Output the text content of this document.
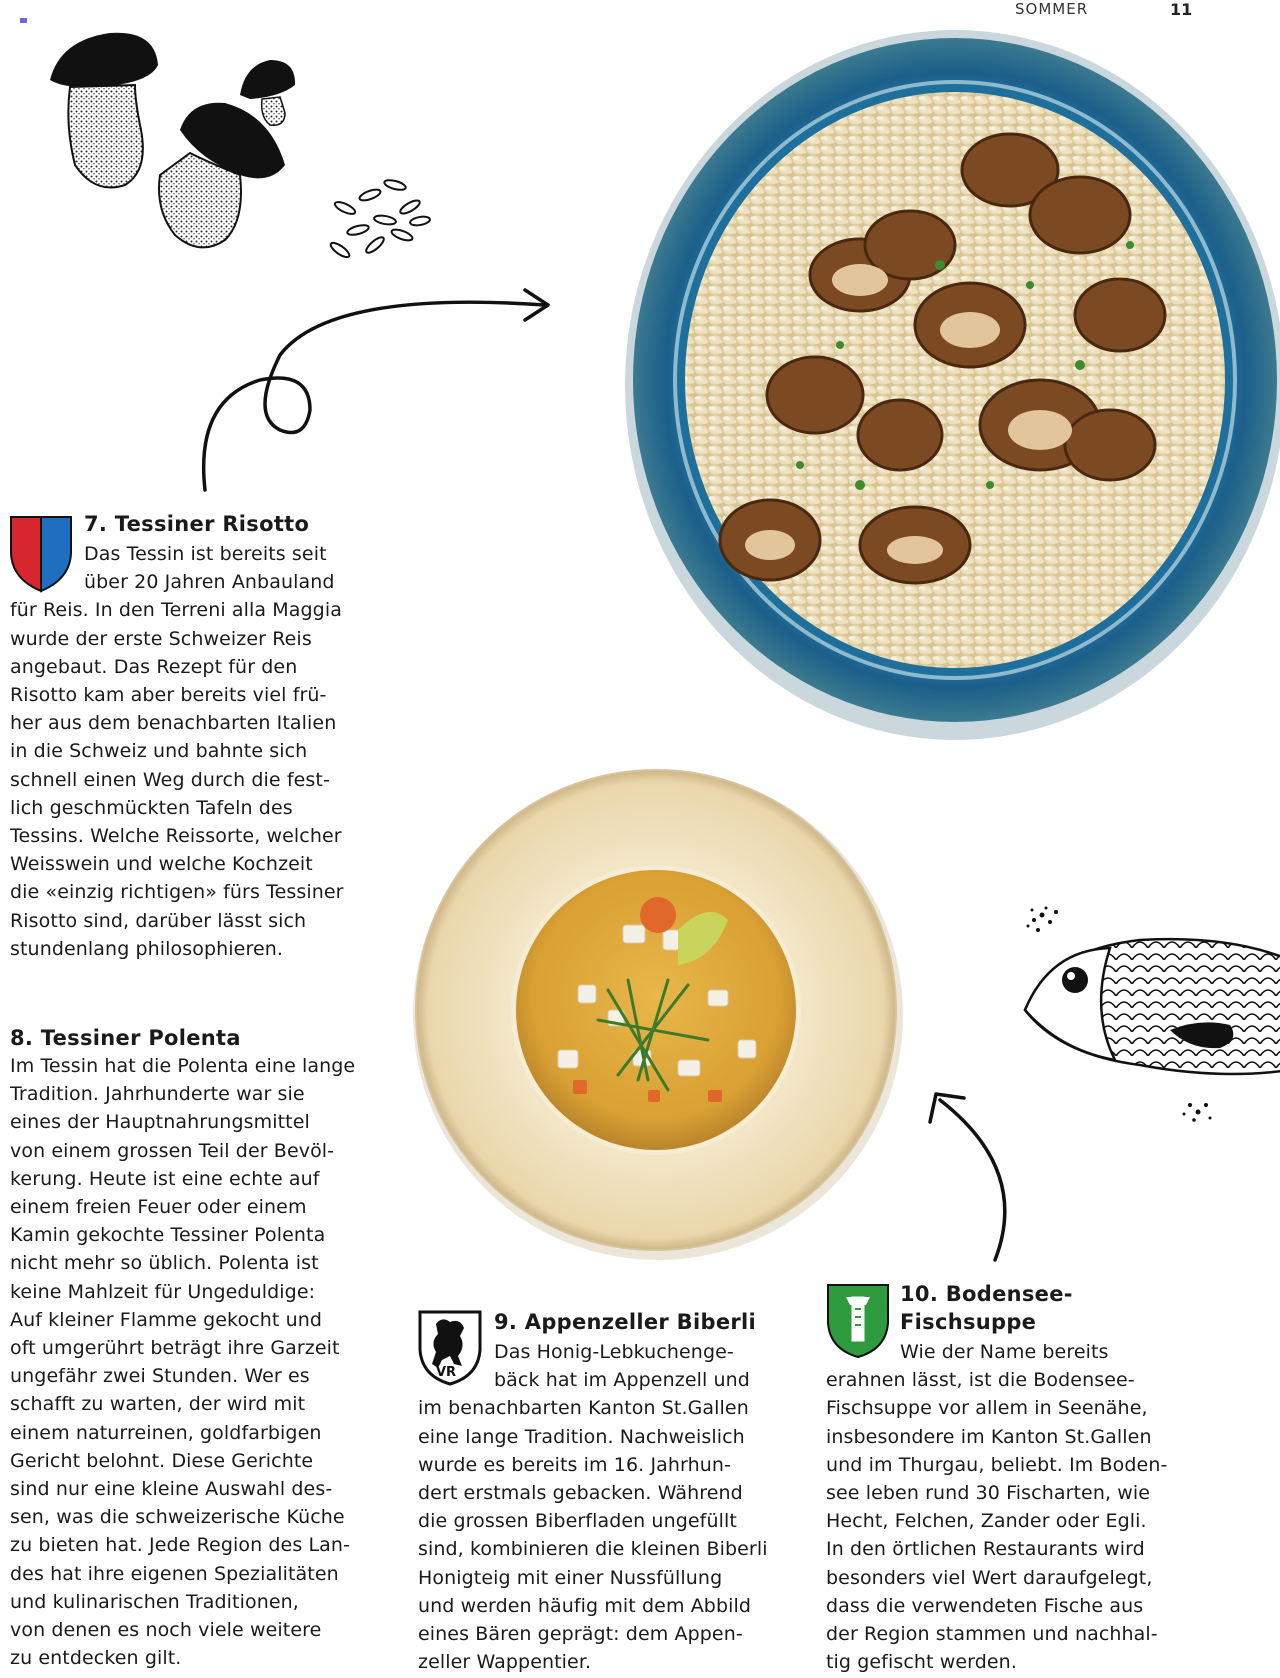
SOMMER	11
7. Tessiner Risotto

Das Tessin ist bereits seit
über 20 Jahren Anbauland
für Reis. In den Terreni alla Maggia
wurde der erste Schweizer Reis
angebaut. Das Rezept für den
Risotto kam aber bereits viel frü-
her aus dem benachbarten Italien
in die Schweiz und bahnte sich
schnell einen Weg durch die fest-
lich geschmückten Tafeln des
Tessins. Welche Reissorte, welcher
Weisswein und welche Kochzeit
die «einzig richtigen» fürs Tessiner
Risotto sind, darüber lässt sich
stundenlang philosophieren.

8. Tessiner Polenta

Im Tessin hat die Polenta eine lange
Tradition. Jahrhunderte war sie
eines der Hauptnahrungsmittel
von einem grossen Teil der Bevöl-
kerung. Heute ist eine echte auf
einem freien Feuer oder einem
Kamin gekochte Tessiner Polenta
nicht mehr so üblich. Polenta ist
keine Mahlzeit für Ungeduldige:
Auf kleiner Flamme gekocht und
oft umgerührt beträgt ihre Garzeit
ungefähr zwei Stunden. Wer es
schafft zu warten, der wird mit
einem naturreinen, goldfarbigen
Gericht belohnt. Diese Gerichte
sind nur eine kleine Auswahl des-
sen, was die schweizerische Küche
zu bieten hat. Jede Region des Lan-
des hat ihre eigenen Spezialitäten
und kulinarischen Traditionen,
von denen es noch viele weitere
zu entdecken gilt.

VR
9. Appenzeller Biberli

Das Honig-Lebkuchenge-
bäck hat im Appenzell und
im benachbarten Kanton St.Gallen
eine lange Tradition. Nachweislich
wurde es bereits im 16. Jahrhun-
dert erstmals gebacken. Während
die grossen Biberfladen ungefüllt
sind, kombinieren die kleinen Biberli
Honigteig mit einer Nussfüllung
und werden häufig mit dem Abbild
eines Bären geprägt: dem Appen-
zeller Wappentier.

10. Bodensee-
Fischsuppe

Wie der Name bereits
erahnen lässt, ist die Bodensee-
Fischsuppe vor allem in Seenähe,
insbesondere im Kanton St.Gallen
und im Thurgau, beliebt. Im Boden-
see leben rund 30 Fischarten, wie
Hecht, Felchen, Zander oder Egli.
In den örtlichen Restaurants wird
besonders viel Wert daraufgelegt,
dass die verwendeten Fische aus
der Region stammen und nachhal-
tig gefischt werden.
